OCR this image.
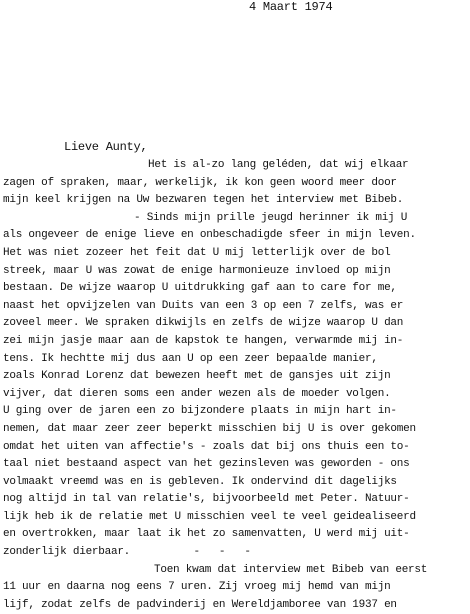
4 Maart 1974
Lieve Aunty,
Het is al-zo lang geléden, dat wij elkaar
zagen of spraken, maar, werkelijk, ik kon geen woord meer door
mijn keel krijgen na Uw bezwaren tegen het interview met Bibeb.
- Sinds mijn prille jeugd herinner ik mij U
als ongeveer de enige lieve en onbeschadigde sfeer in mijn leven.
Het was niet zozeer het feit dat U mij letterlijk over de bol
streek, maar U was zowat de enige harmonieuze invloed op mijn
bestaan. De wijze waarop U uitdrukking gaf aan to care for me,
naast het opvijzelen van Duits van een 3 op een 7 zelfs, was er
zoveel meer. We spraken dikwijls en zelfs de wijze waarop U dan
zei mijn jasje maar aan de kapstok te hangen, verwarmde mij in-
tens. Ik hechtte mij dus aan U op een zeer bepaalde manier,
zoals Konrad Lorenz dat bewezen heeft met de gansjes uit zijn
vijver, dat dieren soms een ander wezen als de moeder volgen.
U ging over de jaren een zo bijzondere plaats in mijn hart in-
nemen, dat maar zeer zeer beperkt misschien bij U is over gekomen
omdat het uiten van affectie's - zoals dat bij ons thuis een to-
taal niet bestaand aspect van het gezinsleven was geworden - ons
volmaakt vreemd was en is gebleven. Ik ondervind dit dagelijks
nog altijd in tal van relatie's, bijvoorbeeld met Peter. Natuur-
lijk heb ik de relatie met U misschien veel te veel geidealiseerd
en overtrokken, maar laat ik het zo samenvatten, U werd mij uit-
zonderlijk dierbaar.          -   -   -
Toen kwam dat interview met Bibeb van eerst
11 uur en daarna nog eens 7 uren. Zij vroeg mij hemd van mijn
lijf, zodat zelfs de padvinderij en Wereldjamboree van 1937 en
